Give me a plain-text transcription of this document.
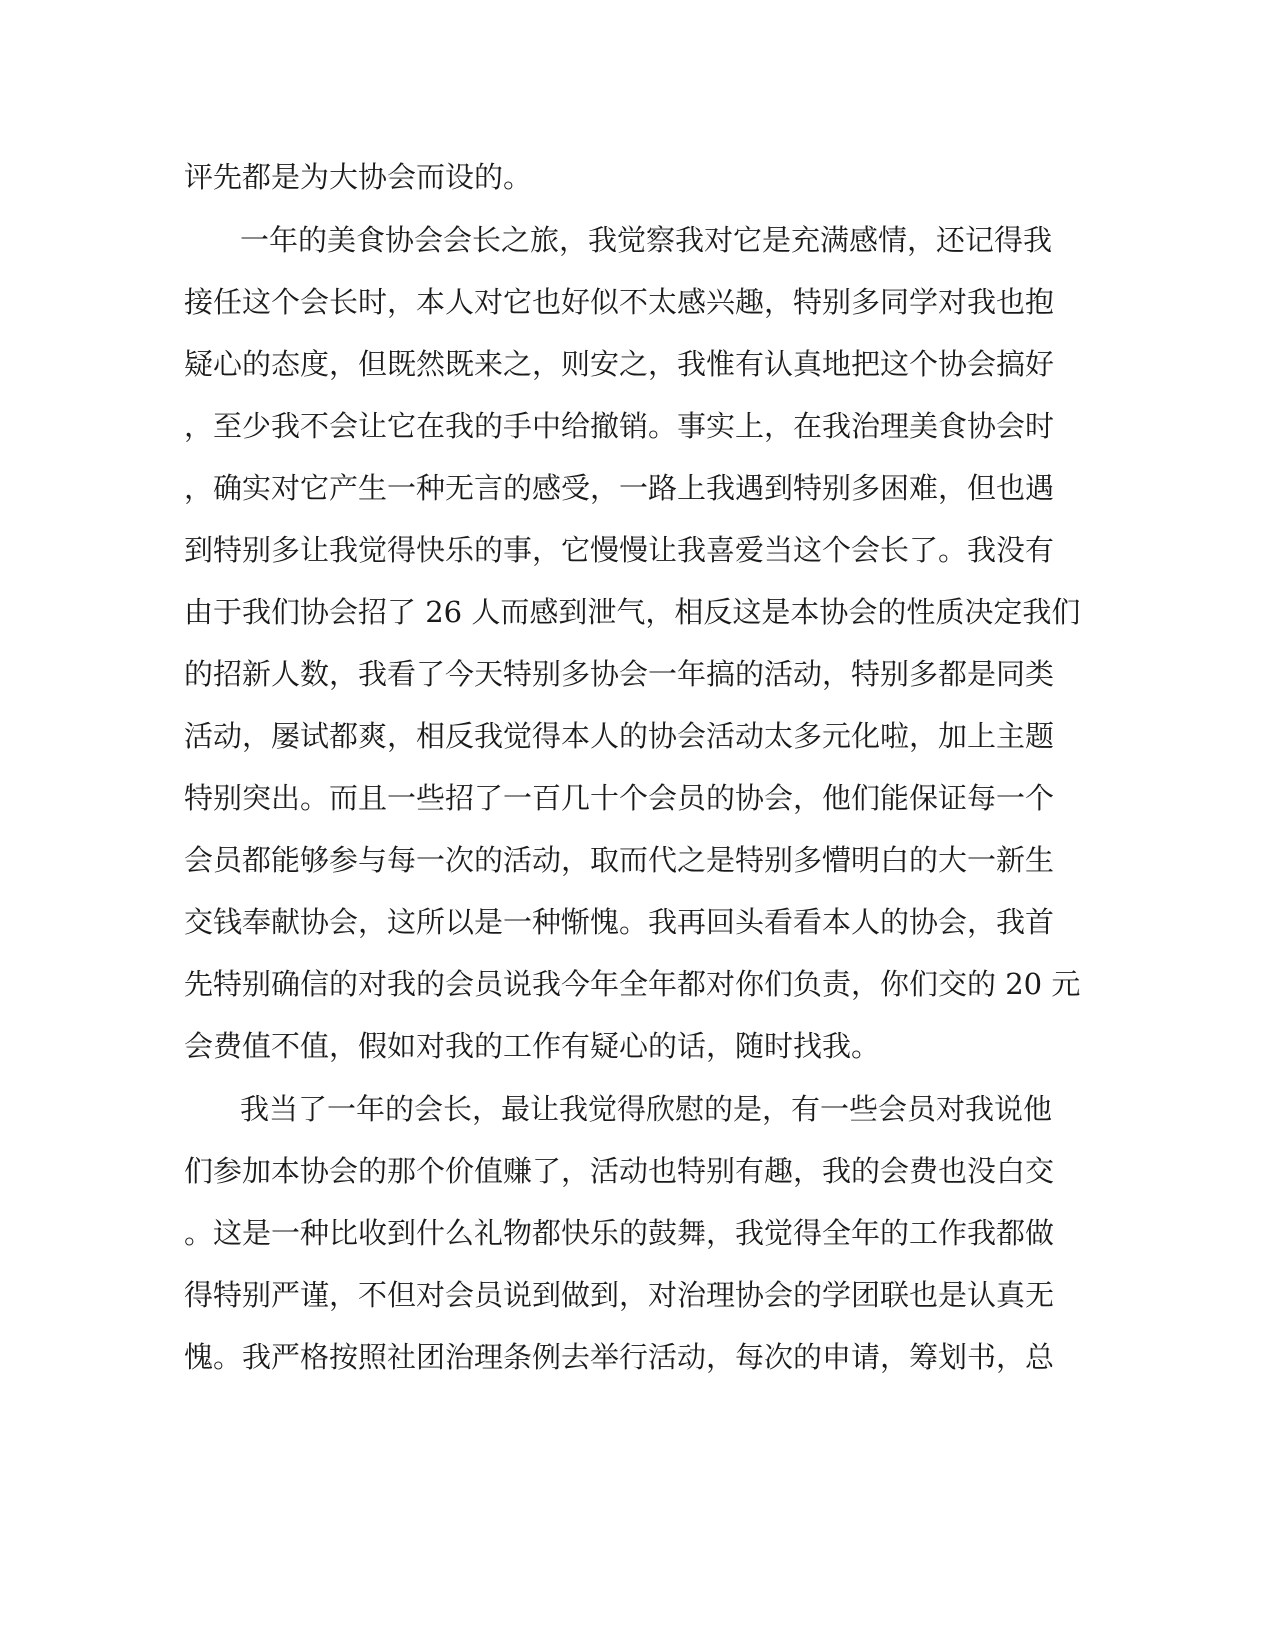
评先都是为大协会而设的。
一年的美食协会会长之旅，我觉察我对它是充满感情，还记得我
接任这个会长时，本人对它也好似不太感兴趣，特别多同学对我也抱
疑心的态度，但既然既来之，则安之，我惟有认真地把这个协会搞好
，至少我不会让它在我的手中给撤销。事实上，在我治理美食协会时
，确实对它产生一种无言的感受，一路上我遇到特别多困难，但也遇
到特别多让我觉得快乐的事，它慢慢让我喜爱当这个会长了。我没有
由于我们协会招了 26 人而感到泄气，相反这是本协会的性质决定我们
的招新人数，我看了今天特别多协会一年搞的活动，特别多都是同类
活动，屡试都爽，相反我觉得本人的协会活动太多元化啦，加上主题
特别突出。而且一些招了一百几十个会员的协会，他们能保证每一个
会员都能够参与每一次的活动，取而代之是特别多懵明白的大一新生
交钱奉献协会，这所以是一种惭愧。我再回头看看本人的协会，我首
先特别确信的对我的会员说我今年全年都对你们负责，你们交的 20 元
会费值不值，假如对我的工作有疑心的话，随时找我。
我当了一年的会长，最让我觉得欣慰的是，有一些会员对我说他
们参加本协会的那个价值赚了，活动也特别有趣，我的会费也没白交
。这是一种比收到什么礼物都快乐的鼓舞，我觉得全年的工作我都做
得特别严谨，不但对会员说到做到，对治理协会的学团联也是认真无
愧。我严格按照社团治理条例去举行活动，每次的申请，筹划书，总
